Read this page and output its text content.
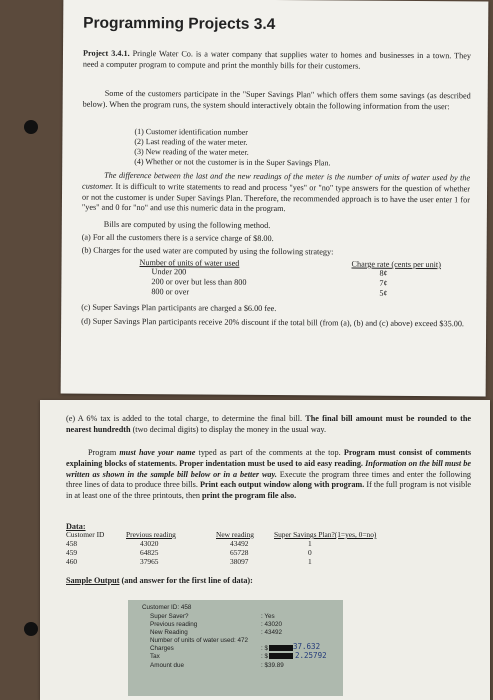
Programming Projects 3.4
Project 3.4.1. Pringle Water Co. is a water company that supplies water to homes and businesses in a town. They need a computer program to compute and print the monthly bills for their customers.
Some of the customers participate in the "Super Savings Plan" which offers them some savings (as described below). When the program runs, the system should interactively obtain the following information from the user:
(1) Customer identification number
(2) Last reading of the water meter.
(3) New reading of the water meter.
(4) Whether or not the customer is in the Super Savings Plan.
The difference between the last and the new readings of the meter is the number of units of water used by the customer. It is difficult to write statements to read and process "yes" or "no" type answers for the question of whether or not the customer is under Super Savings Plan. Therefore, the recommended approach is to have the user enter 1 for "yes" and 0 for "no" and use this numeric data in the program.
Bills are computed by using the following method.
(a) For all the customers there is a service charge of $8.00.
(b) Charges for the used water are computed by using the following strategy:
Number of units of water used	Charge rate (cents per unit)
Under 200	8¢
200 or over but less than 800	7¢
800 or over	5¢
(c) Super Savings Plan participants are charged a $6.00 fee.
(d) Super Savings Plan participants receive 20% discount if the total bill (from (a), (b) and (c) above) exceed $35.00.
(e) A 6% tax is added to the total charge, to determine the final bill. The final bill amount must be rounded to the nearest hundredth (two decimal digits) to display the money in the usual way.
Program must have your name typed as part of the comments at the top. Program must consist of comments explaining blocks of statements. Proper indentation must be used to aid easy reading. Information on the bill must be written as shown in the sample bill below or in a better way. Execute the program three times and enter the following three lines of data to produce three bills. Print each output window along with program. If the full program is not visible in at least one of the three printouts, then print the program file also.
Data:
Customer ID	Previous reading	New reading	Super Savings Plan?(1=yes, 0=no)
458	43020	43492	1
459	64825	65728	0
460	37965	38097	1
Sample Output (and answer for the first line of data):
Customer ID: 458
Super Saver?	: Yes
Previous reading	: 43020
New Reading	: 43492
Number of units of water used: 472
Charges	: $	37.632
Tax	: $	2.25792
Amount due	: $39.89
